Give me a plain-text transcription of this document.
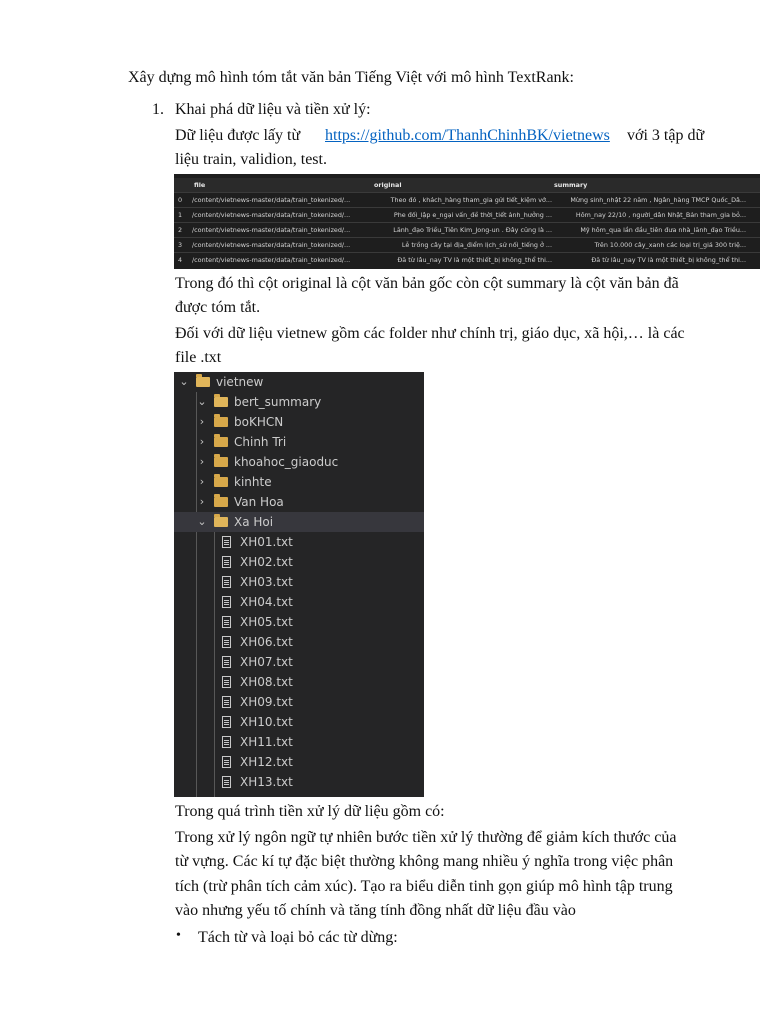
Xây dựng mô hình tóm tắt văn bản Tiếng Việt với mô hình TextRank:
1. Khai phá dữ liệu và tiền xử lý:
Dữ liệu được lấy từ https://github.com/ThanhChinhBK/vietnews với 3 tập dữ
liệu train, validion, test.
file	original	summary
0	/content/vietnews-master/data/train_tokenized/...	Theo đó , khách_hàng tham_gia gửi tiết_kiệm vớ...	Mừng sinh_nhật 22 năm , Ngân_hàng TMCP Quốc_Dâ...
1	/content/vietnews-master/data/train_tokenized/...	Phe đối_lập e_ngại vấn_đề thời_tiết ảnh_hưởng ...	Hôm_nay 22/10 , người_dân Nhật_Bản tham_gia bỏ...
2	/content/vietnews-master/data/train_tokenized/...	Lãnh_đạo Triều_Tiên Kim_Jong-un . Đây cũng là ...	Mỹ hôm_qua lần đầu_tiên đưa nhà_lãnh_đạo Triều...
3	/content/vietnews-master/data/train_tokenized/...	Lễ trồng cây tại địa_điểm lịch_sử nối_tiếng ở ...	Trên 10.000 cây_xanh các loại trị_giá 300 triệ...
4	/content/vietnews-master/data/train_tokenized/...	Đã từ lâu_nay TV là một thiết_bị không_thể thi...	Đã từ lâu_nay TV là một thiết_bị không_thể thi...
Trong đó thì cột original là cột văn bản gốc còn cột summary là cột văn bản đã
được tóm tắt.
Đối với dữ liệu vietnew gồm các folder như chính trị, giáo dục, xã hội,… là các
file .txt
⌄ vietnew
⌄ bert_summary
›	boKHCN
›	Chinh Tri
›	khoahoc_giaoduc
›	kinhte
›	Van Hoa
⌄ Xa Hoi
XH01.txt
XH02.txt
XH03.txt
XH04.txt
XH05.txt
XH06.txt
XH07.txt
XH08.txt
XH09.txt
XH10.txt
XH11.txt
XH12.txt
XH13.txt
Trong quá trình tiền xử lý dữ liệu gồm có:
Trong xử lý ngôn ngữ tự nhiên bước tiền xử lý thường để giảm kích thước của
từ vựng. Các kí tự đặc biệt thường không mang nhiều ý nghĩa trong việc phân
tích (trừ phân tích cảm xúc). Tạo ra biểu diễn tinh gọn giúp mô hình tập trung
vào nhưng yếu tố chính và tăng tính đồng nhất dữ liệu đầu vào
• Tách từ và loại bỏ các từ dừng:
